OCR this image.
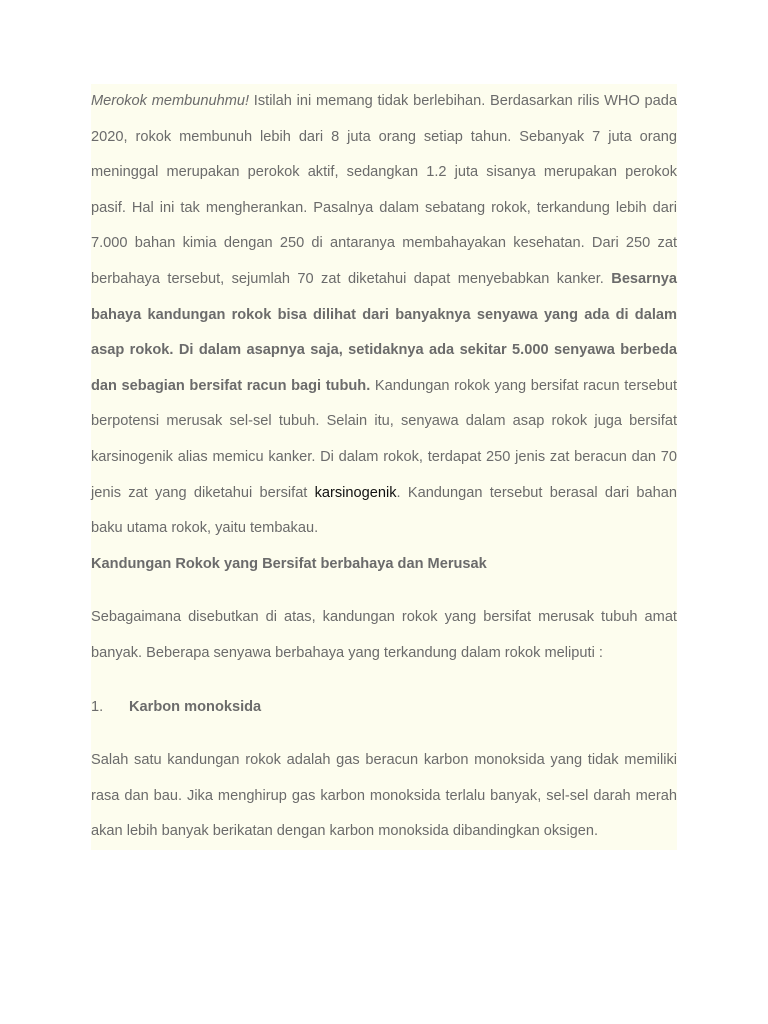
Merokok membunuhmu! Istilah ini memang tidak berlebihan. Berdasarkan rilis WHO pada 2020, rokok membunuh lebih dari 8 juta orang setiap tahun. Sebanyak 7 juta orang meninggal merupakan perokok aktif, sedangkan 1.2 juta sisanya merupakan perokok pasif. Hal ini tak mengherankan. Pasalnya dalam sebatang rokok, terkandung lebih dari 7.000 bahan kimia dengan 250 di antaranya membahayakan kesehatan. Dari 250 zat berbahaya tersebut, sejumlah 70 zat diketahui dapat menyebabkan kanker. Besarnya bahaya kandungan rokok bisa dilihat dari banyaknya senyawa yang ada di dalam asap rokok. Di dalam asapnya saja, setidaknya ada sekitar 5.000 senyawa berbeda dan sebagian bersifat racun bagi tubuh. Kandungan rokok yang bersifat racun tersebut berpotensi merusak sel-sel tubuh. Selain itu, senyawa dalam asap rokok juga bersifat karsinogenik alias memicu kanker. Di dalam rokok, terdapat 250 jenis zat beracun dan 70 jenis zat yang diketahui bersifat karsinogenik. Kandungan tersebut berasal dari bahan baku utama rokok, yaitu tembakau.

Kandungan Rokok yang Bersifat berbahaya dan Merusak

Sebagaimana disebutkan di atas, kandungan rokok yang bersifat merusak tubuh amat banyak. Beberapa senyawa berbahaya yang terkandung dalam rokok meliputi :

1.	Karbon monoksida

Salah satu kandungan rokok adalah gas beracun karbon monoksida yang tidak memiliki rasa dan bau. Jika menghirup gas karbon monoksida terlalu banyak, sel-sel darah merah akan lebih banyak berikatan dengan karbon monoksida dibandingkan oksigen.
